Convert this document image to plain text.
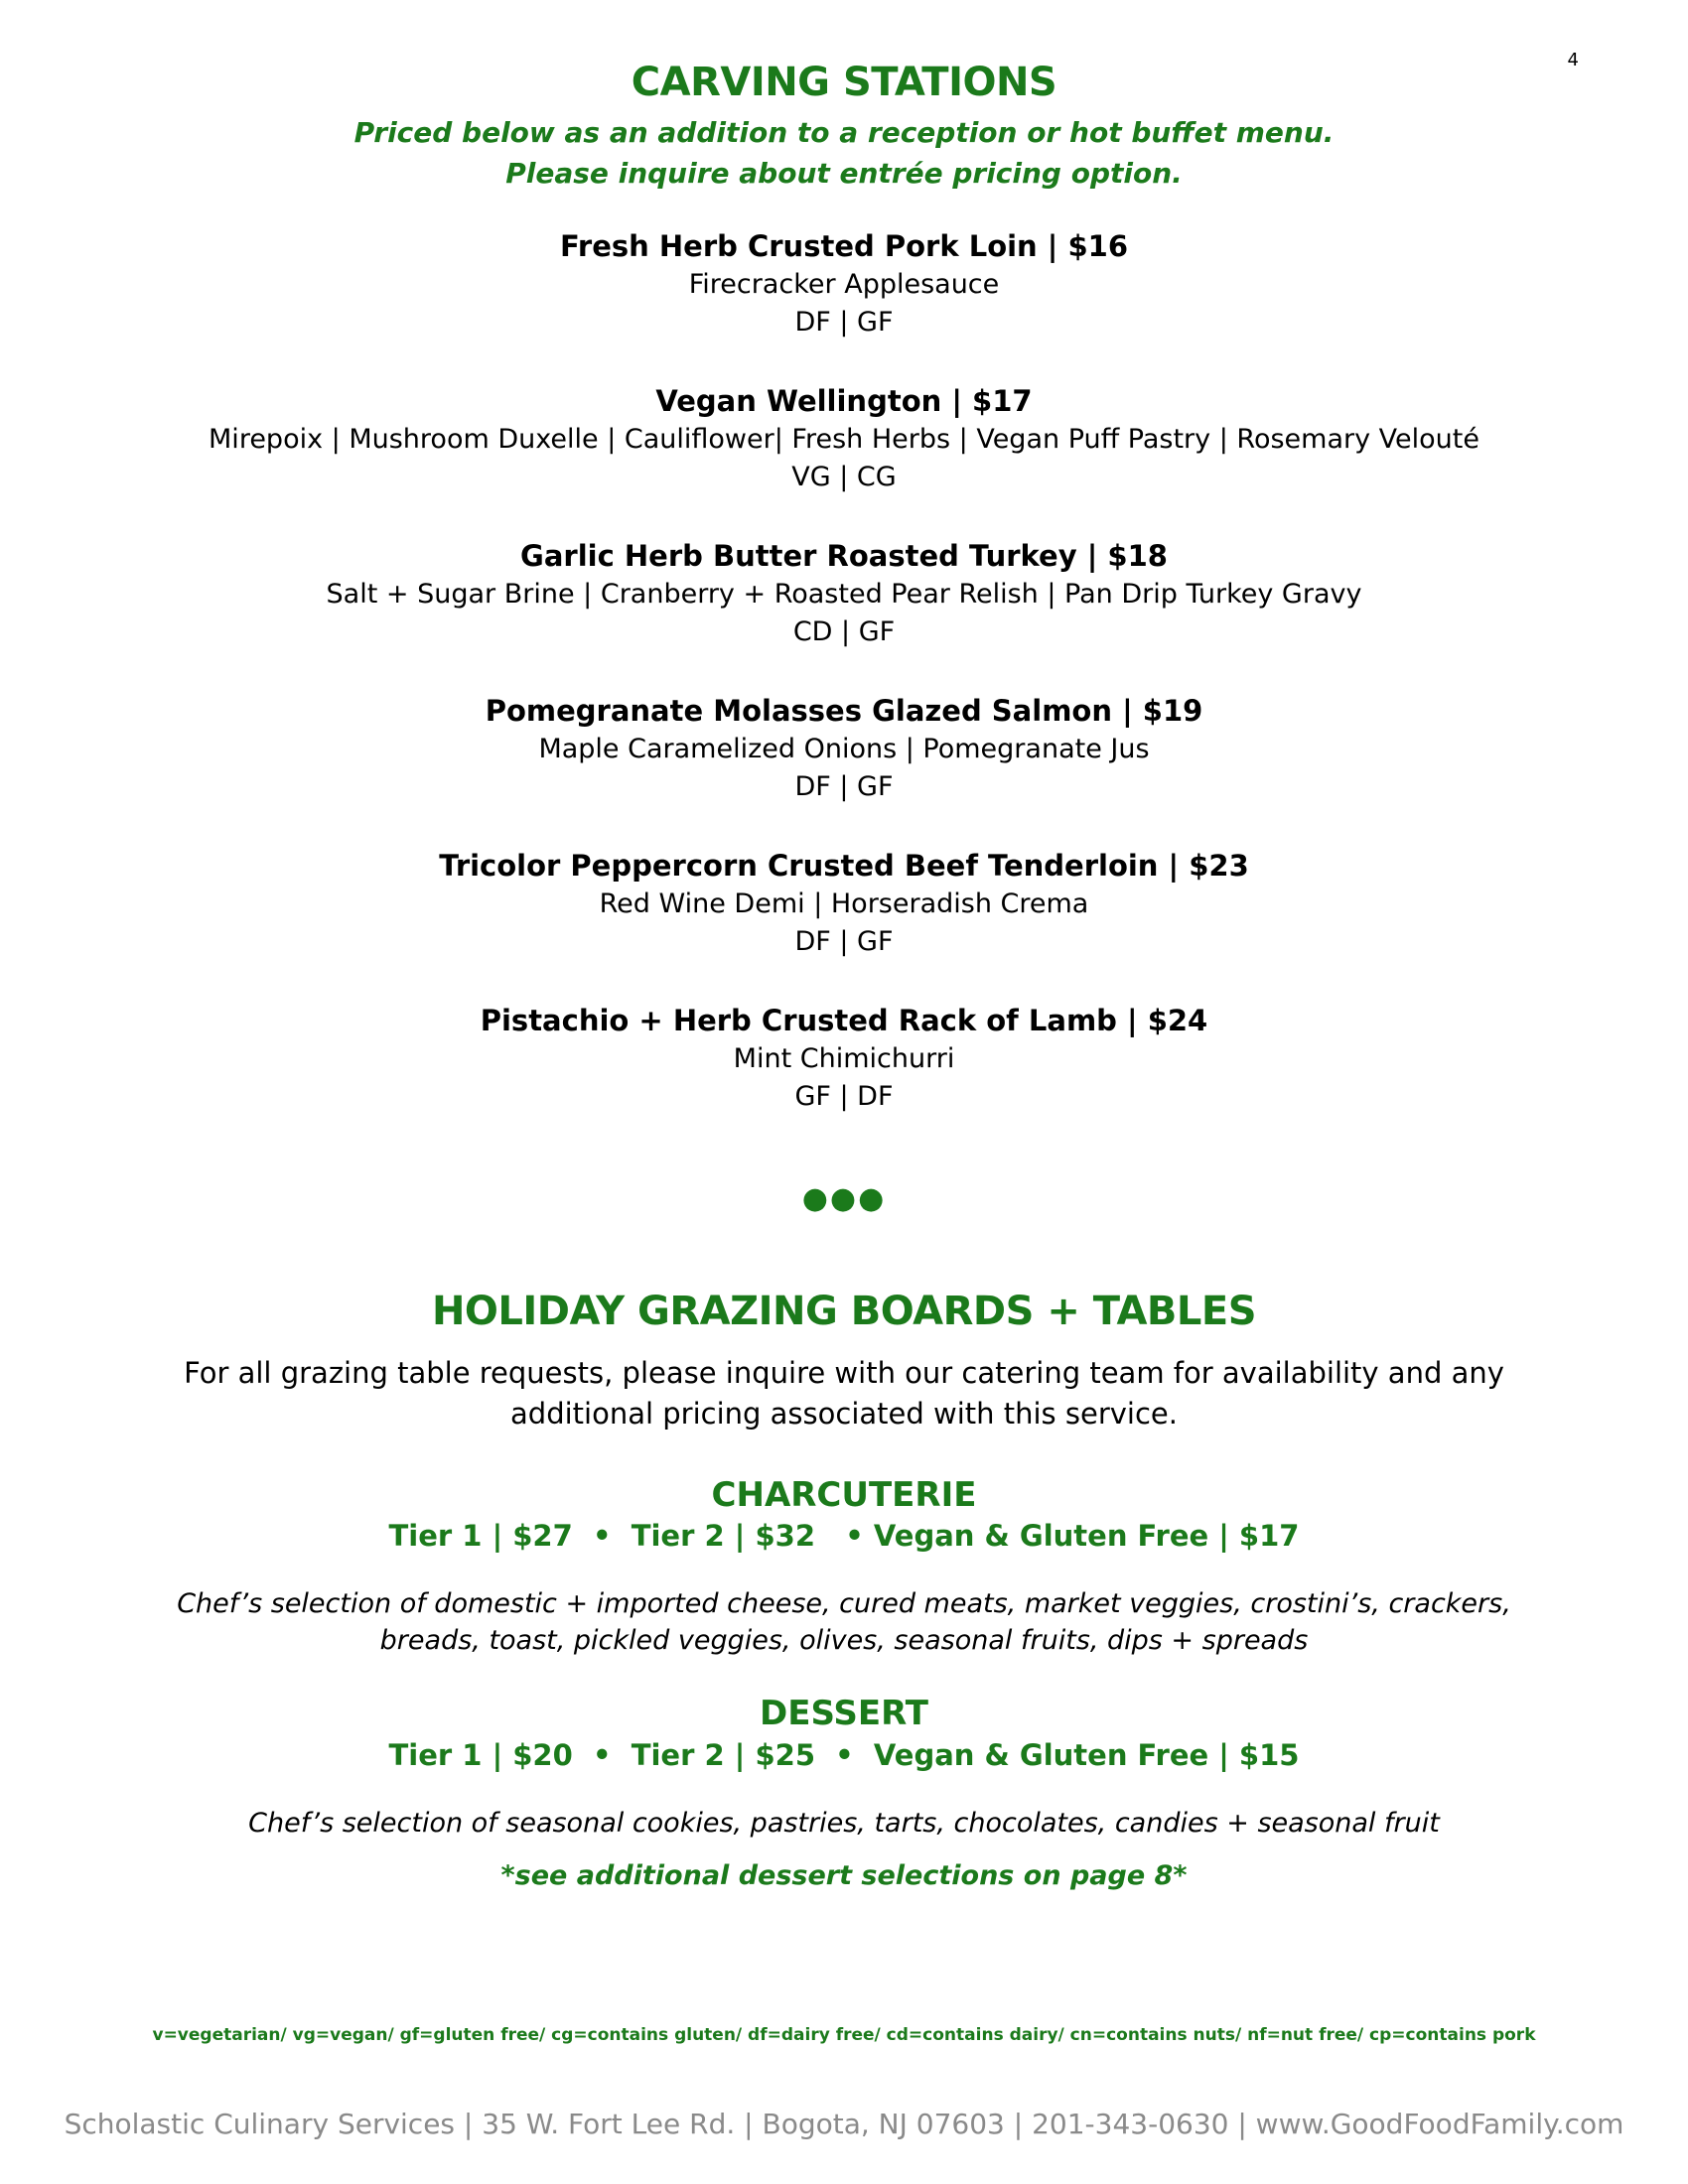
4
CARVING STATIONS
Priced below as an addition to a reception or hot buffet menu.
Please inquire about entrée pricing option.
Fresh Herb Crusted Pork Loin | $16
Firecracker Applesauce
DF | GF
Vegan Wellington | $17
Mirepoix | Mushroom Duxelle | Cauliflower| Fresh Herbs | Vegan Puff Pastry | Rosemary Velouté
VG | CG
Garlic Herb Butter Roasted Turkey | $18
Salt + Sugar Brine | Cranberry + Roasted Pear Relish | Pan Drip Turkey Gravy
CD | GF
Pomegranate Molasses Glazed Salmon | $19
Maple Caramelized Onions | Pomegranate Jus
DF | GF
Tricolor Peppercorn Crusted Beef Tenderloin | $23
Red Wine Demi | Horseradish Crema
DF | GF
Pistachio + Herb Crusted Rack of Lamb | $24
Mint Chimichurri
GF | DF
●●●
HOLIDAY GRAZING BOARDS + TABLES
For all grazing table requests, please inquire with our catering team for availability and any
additional pricing associated with this service.
CHARCUTERIE
Tier 1 | $27  •  Tier 2 | $32   • Vegan & Gluten Free | $17
Chef’s selection of domestic + imported cheese, cured meats, market veggies, crostini’s, crackers,
breads, toast, pickled veggies, olives, seasonal fruits, dips + spreads
DESSERT
Tier 1 | $20  •  Tier 2 | $25  •  Vegan & Gluten Free | $15
Chef’s selection of seasonal cookies, pastries, tarts, chocolates, candies + seasonal fruit
*see additional dessert selections on page 8*
v=vegetarian/ vg=vegan/ gf=gluten free/ cg=contains gluten/ df=dairy free/ cd=contains dairy/ cn=contains nuts/ nf=nut free/ cp=contains pork
Scholastic Culinary Services | 35 W. Fort Lee Rd. | Bogota, NJ 07603 | 201-343-0630 | www.GoodFoodFamily.com
